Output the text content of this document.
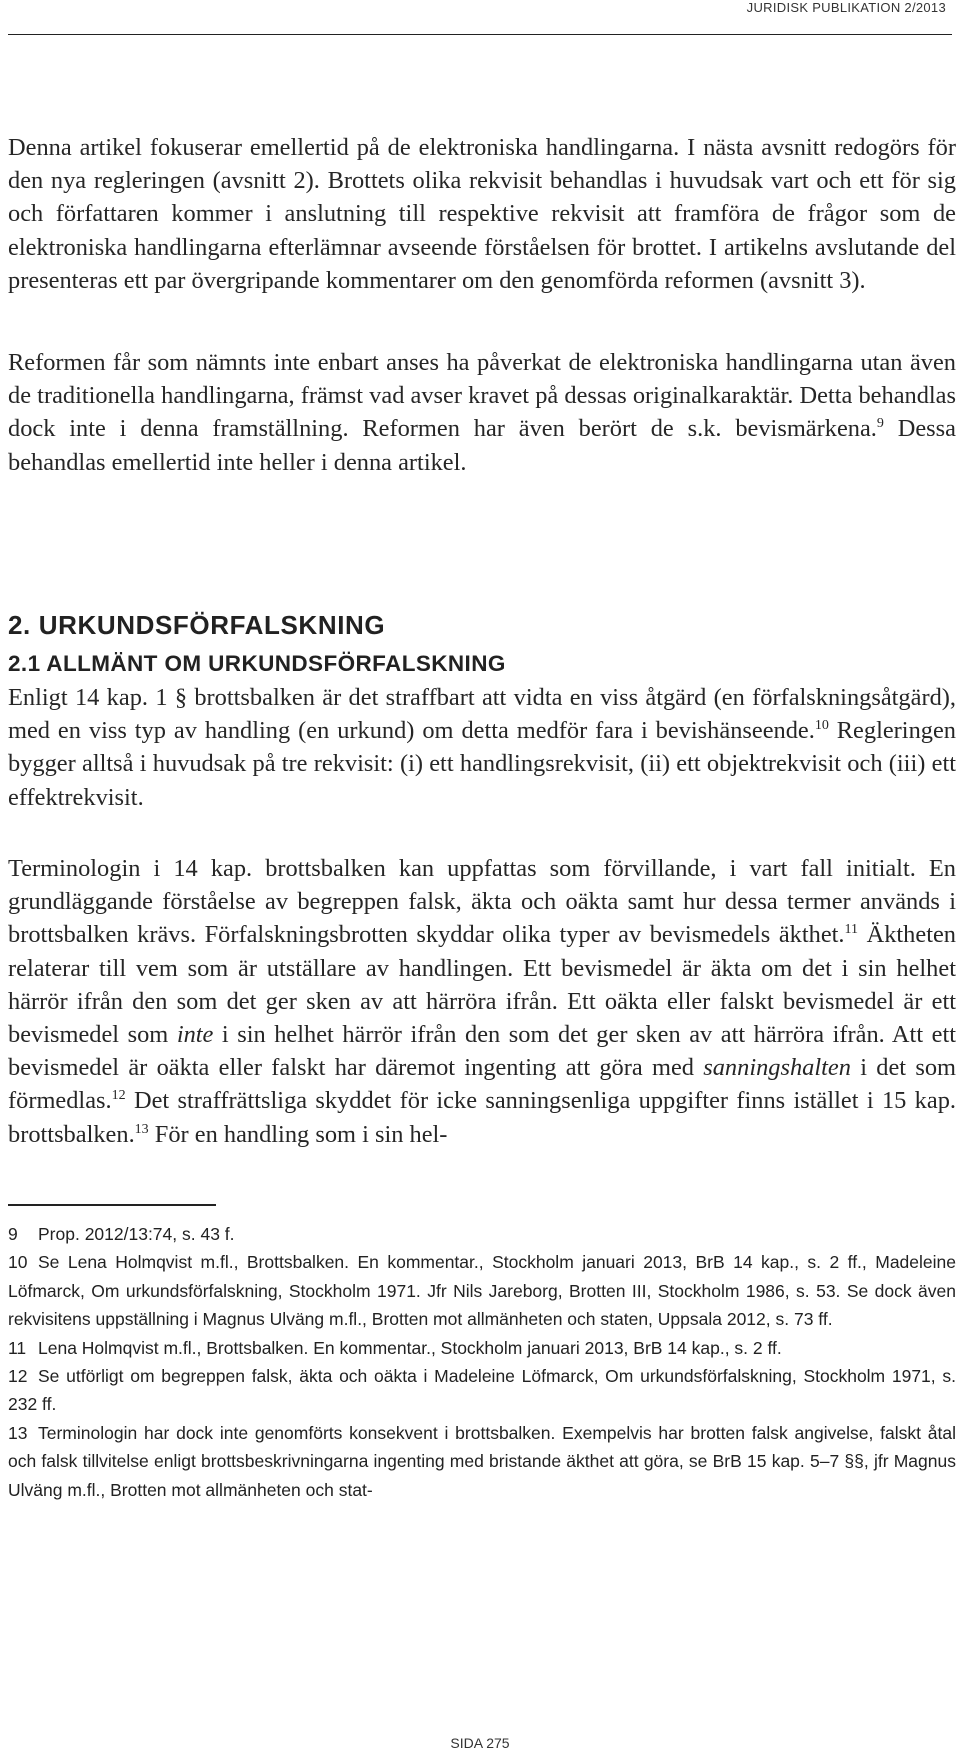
JURIDISK PUBLIKATION 2/2013

Denna artikel fokuserar emellertid på de elektroniska handlingarna. I nästa avsnitt redogörs för den nya regleringen (avsnitt 2). Brottets olika rekvisit behandlas i huvudsak vart och ett för sig och författaren kommer i anslutning till respektive rekvisit att framföra de frågor som de elektroniska handlingarna efterlämnar avseende förståelsen för brottet. I artikelns avslutande del presenteras ett par övergripande kommentarer om den genomförda reformen (avsnitt 3).

Reformen får som nämnts inte enbart anses ha påverkat de elektroniska handlingarna utan även de traditionella handlingarna, främst vad avser kravet på dessas originalkaraktär. Detta behandlas dock inte i denna framställning. Reformen har även berört de s.k. bevismärkena.$^9$ Dessa behandlas emellertid inte heller i denna artikel.

2. URKUNDSFÖRFALSKNING
2.1 ALLMÄNT OM URKUNDSFÖRFALSKNING

Enligt 14 kap. 1 § brottsbalken är det straffbart att vidta en viss åtgärd (en förfalskningsåtgärd), med en viss typ av handling (en urkund) om detta medför fara i bevishänseende.$^{10}$ Regleringen bygger alltså i huvudsak på tre rekvisit: (i) ett handlingsrekvisit, (ii) ett objektrekvisit och (iii) ett effektrekvisit.

Terminologin i 14 kap. brottsbalken kan uppfattas som förvillande, i vart fall initialt. En grundläggande förståelse av begreppen falsk, äkta och oäkta samt hur dessa termer används i brottsbalken krävs. Förfalskningsbrotten skyddar olika typer av bevismedels äkthet.$^{11}$ Äktheten relaterar till vem som är utställare av handlingen. Ett bevismedel är äkta om det i sin helhet härrör ifrån den som det ger sken av att härröra ifrån. Ett oäkta eller falskt bevismedel är ett bevismedel som inte i sin helhet härrör ifrån den som det ger sken av att härröra ifrån. Att ett bevismedel är oäkta eller falskt har däremot ingenting att göra med sanningshalten i det som förmedlas.$^{12}$ Det straffrättsliga skyddet för icke sanningsenliga uppgifter finns istället i 15 kap. brottsbalken.$^{13}$ För en handling som i sin hel-

9 Prop. 2012/13:74, s. 43 f.

10 Se Lena Holmqvist m.fl., Brottsbalken. En kommentar., Stockholm januari 2013, BrB 14 kap., s. 2 ff., Madeleine Löfmarck, Om urkundsförfalskning, Stockholm 1971. Jfr Nils Jareborg, Brotten III, Stockholm 1986, s. 53. Se dock även rekvisitens uppställning i Magnus Ulväng m.fl., Brotten mot allmänheten och staten, Uppsala 2012, s. 73 ff.

11 Lena Holmqvist m.fl., Brottsbalken. En kommentar., Stockholm januari 2013, BrB 14 kap., s. 2 ff.

12 Se utförligt om begreppen falsk, äkta och oäkta i Madeleine Löfmarck, Om urkundsförfalskning, Stockholm 1971, s. 232 ff.

13 Terminologin har dock inte genomförts konsekvent i brottsbalken. Exempelvis har brotten falsk angivelse, falskt åtal och falsk tillvitelse enligt brottsbeskrivningarna ingenting med bristande äkthet att göra, se BrB 15 kap. 5–7 §§, jfr Magnus Ulväng m.fl., Brotten mot allmänheten och stat-

SIDA 275
